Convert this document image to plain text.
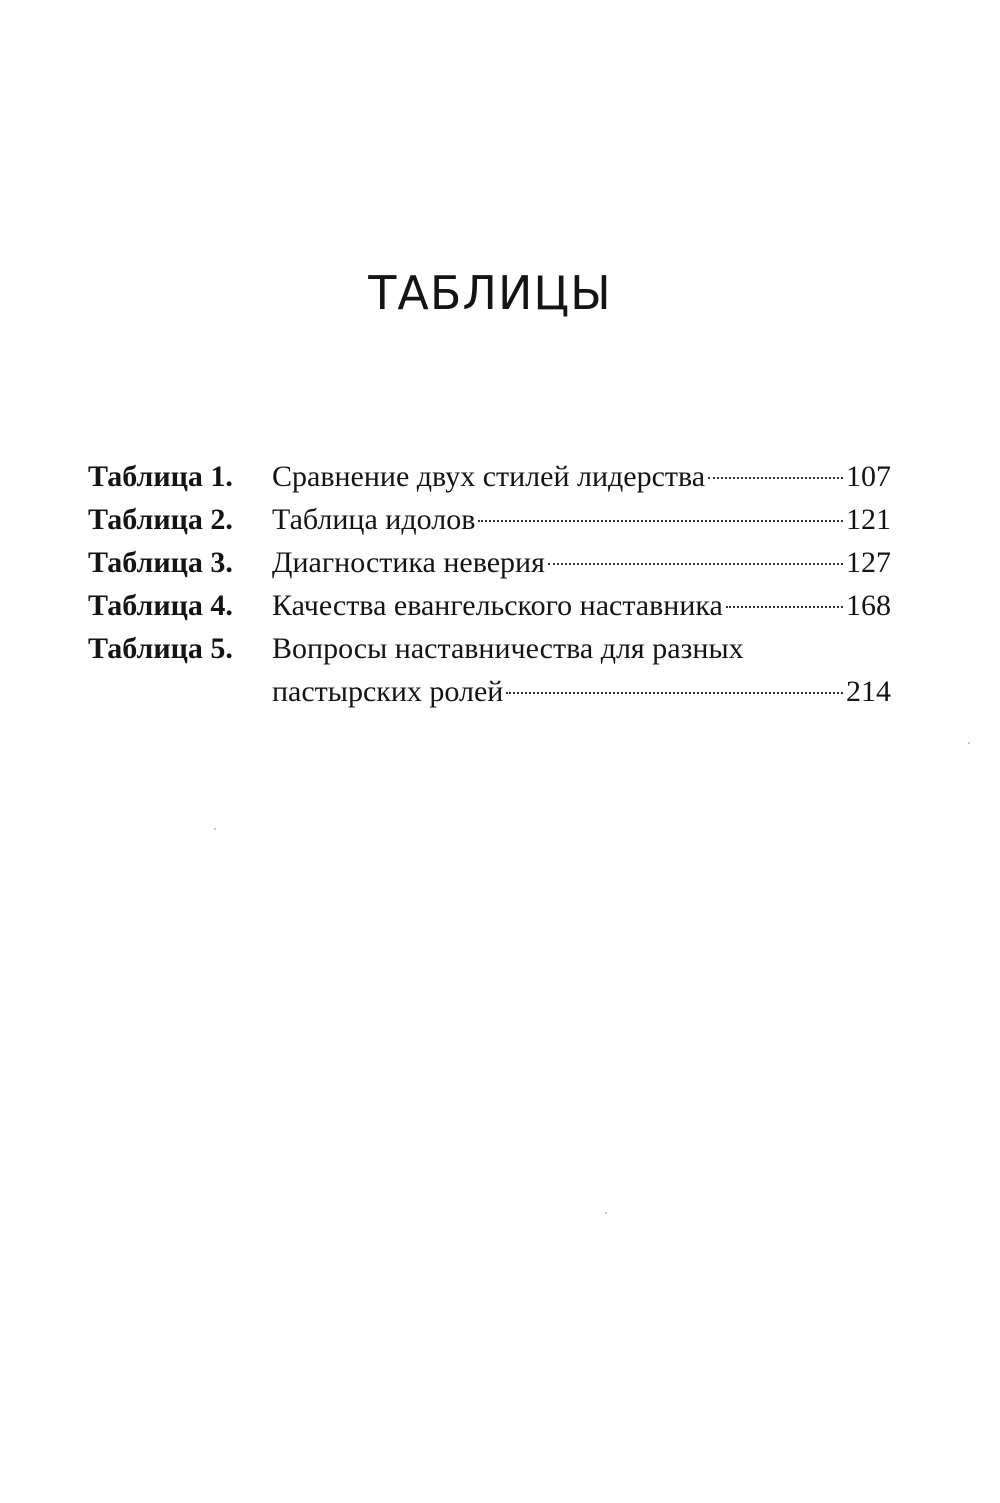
ТАБЛИЦЫ
Таблица 1.	Сравнение двух стилей лидерства	107
Таблица 2.	Таблица идолов	121
Таблица 3.	Диагностика неверия	127
Таблица 4.	Качества евангельского наставника	168
Таблица 5.	Вопросы наставничества для разных
пастырских ролей	214
